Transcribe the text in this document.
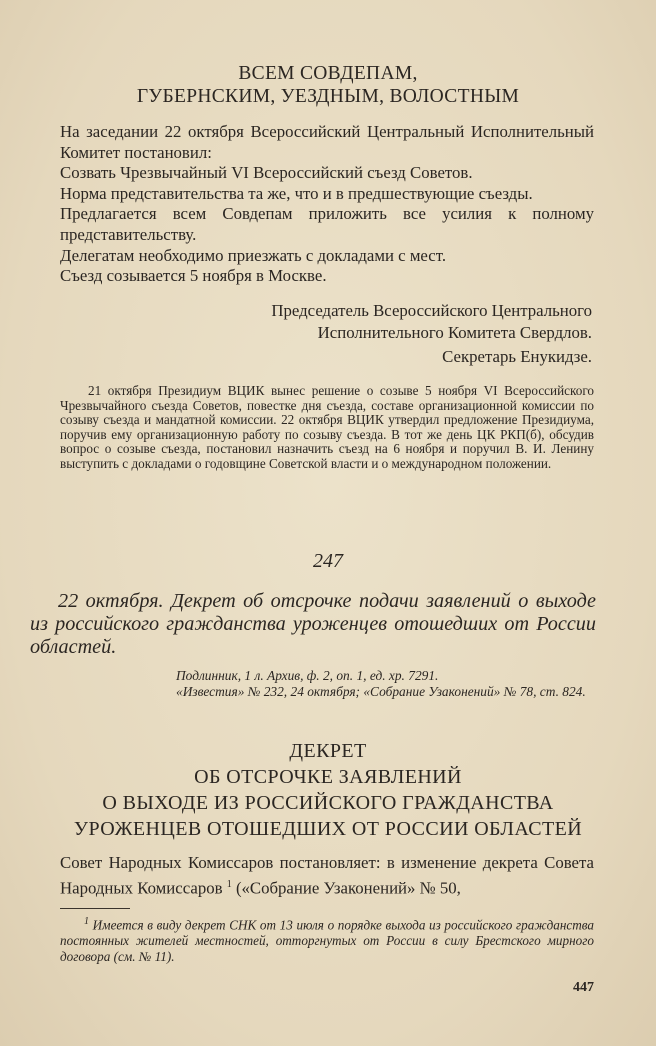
ВСЕМ СОВДЕПАМ,
ГУБЕРНСКИМ, УЕЗДНЫМ, ВОЛОСТНЫМ

На заседании 22 октября Всероссийский Центральный Исполнительный Комитет постановил:

Созвать Чрезвычайный VI Всероссийский съезд Советов.

Норма представительства та же, что и в предшествующие съезды.

Предлагается всем Совдепам приложить все усилия к полному представительству.

Делегатам необходимо приезжать с докладами с мест.

Съезд созывается 5 ноября в Москве.

Председатель Всероссийского Центрального
Исполнительного Комитета Свердлов.
Секретарь Енукидзе.
21 октября Президиум ВЦИК вынес решение о созыве 5 ноября VI Всероссийского Чрезвычайного съезда Советов, повестке дня съезда, составе организационной комиссии по созыву съезда и мандатной комиссии. 22 октября ВЦИК утвердил предложение Президиума, поручив ему организационную работу по созыву съезда. В тот же день ЦК РКП(б), обсудив вопрос о созыве съезда, постановил назначить съезд на 6 ноября и поручил В. И. Ленину выступить с докладами о годовщине Советской власти и о международном положении.
247
22 октября. Декрет об отсрочке подачи заявлений о выходе из российского гражданства уроженцев отошедших от России областей.
Подлинник, 1 л. Архив, ф. 2, оп. 1, ед. хр. 7291.
«Известия» № 232, 24 октября; «Собрание Узаконений» № 78, ст. 824.
ДЕКРЕТ
ОБ ОТСРОЧКЕ ЗАЯВЛЕНИЙ
О ВЫХОДЕ ИЗ РОССИЙСКОГО ГРАЖДАНСТВА
УРОЖЕНЦЕВ ОТОШЕДШИХ ОТ РОССИИ ОБЛАСТЕЙ
Совет Народных Комиссаров постановляет: в изменение декрета Совета Народных Комиссаров $^1$ («Собрание Узаконений» № 50,
$^1$ Имеется в виду декрет СНК от 13 июля о порядке выхода из российского гражданства постоянных жителей местностей, отторгнутых от России в силу Брестского мирного договора (см. № 11).
447
